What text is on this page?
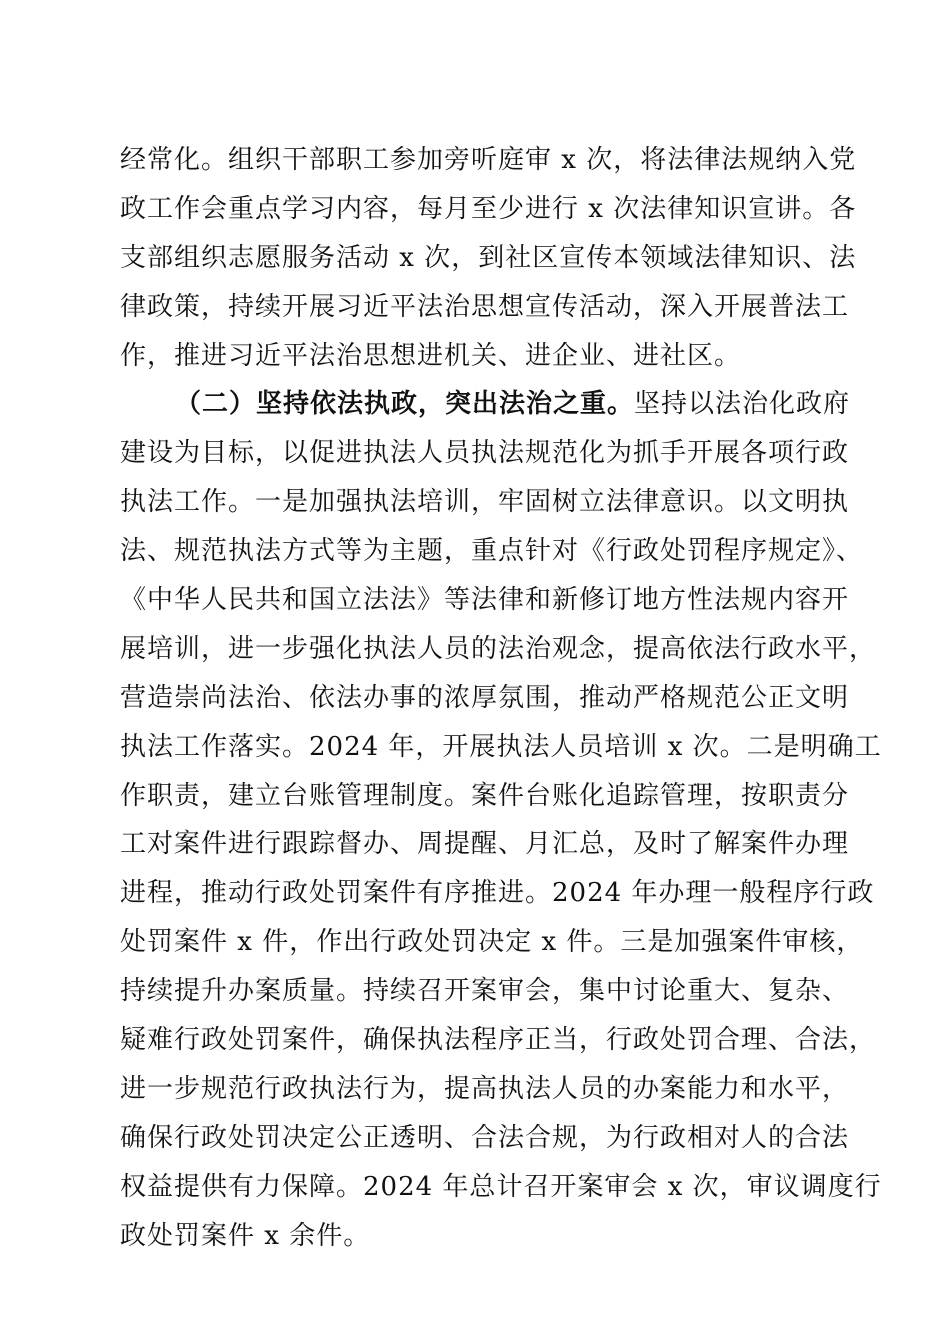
经常化。组织干部职工参加旁听庭审 x 次，将法律法规纳入党
政工作会重点学习内容，每月至少进行 x 次法律知识宣讲。各
支部组织志愿服务活动 x 次，到社区宣传本领域法律知识、法
律政策，持续开展习近平法治思想宣传活动，深入开展普法工
作，推进习近平法治思想进机关、进企业、进社区。
（二）坚持依法执政，突出法治之重。坚持以法治化政府
建设为目标，以促进执法人员执法规范化为抓手开展各项行政
执法工作。一是加强执法培训，牢固树立法律意识。以文明执
法、规范执法方式等为主题，重点针对《行政处罚程序规定》、
《中华人民共和国立法法》等法律和新修订地方性法规内容开
展培训，进一步强化执法人员的法治观念，提高依法行政水平，
营造崇尚法治、依法办事的浓厚氛围，推动严格规范公正文明
执法工作落实。2024 年，开展执法人员培训 x 次。二是明确工
作职责，建立台账管理制度。案件台账化追踪管理，按职责分
工对案件进行跟踪督办、周提醒、月汇总，及时了解案件办理
进程，推动行政处罚案件有序推进。2024 年办理一般程序行政
处罚案件 x 件，作出行政处罚决定 x 件。三是加强案件审核，
持续提升办案质量。持续召开案审会，集中讨论重大、复杂、
疑难行政处罚案件，确保执法程序正当，行政处罚合理、合法，
进一步规范行政执法行为，提高执法人员的办案能力和水平，
确保行政处罚决定公正透明、合法合规，为行政相对人的合法
权益提供有力保障。2024 年总计召开案审会 x 次，审议调度行
政处罚案件 x 余件。
